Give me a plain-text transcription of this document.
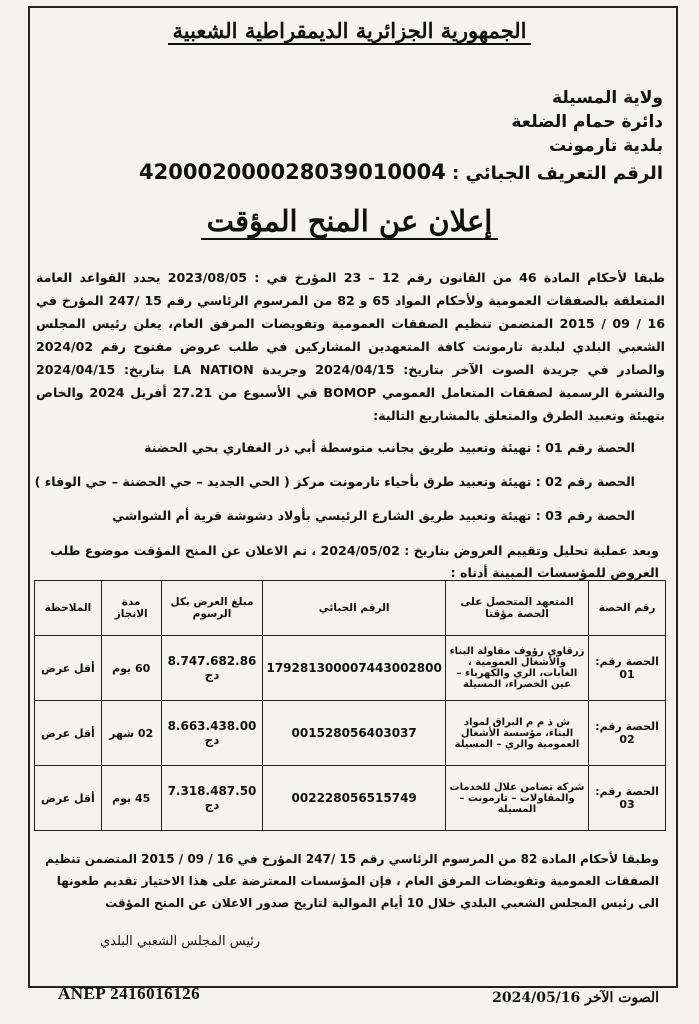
الجمهورية الجزائرية الديمقراطية الشعبية
ولاية المسيلة
دائرة حمام الضلعة
بلدية تارمونت
الرقم التعريف الجبائي : 420002000028039010004
إعلان عن المنح المؤقت
طبقا لأحكام المادة 46 من القانون رقم 12 – 23 المؤرخ في : 2023/08/05 يحدد القواعد العامة المتعلقة بالصفقات العمومية ولأحكام المواد 65 و 82 من المرسوم الرئاسي رقم 15 /247 المؤرخ في 16 / 09 / 2015 المتضمن تنظيم الصفقات العمومية وتفويضات المرفق العام، يعلن رئيس المجلس الشعبي البلدي لبلدية تارمونت كافة المتعهدين المشاركين في طلب عروض مفتوح رقم 2024/02 والصادر في جريدة الصوت الآخر بتاريخ: 2024/04/15 وجريدة LA NATION بتاريخ: 2024/04/15 والنشرة الرسمية لصفقات المتعامل العمومي BOMOP في الأسبوع من 27.21 أفريل 2024 والخاص بتهيئة وتعبيد الطرق والمتعلق بالمشاريع التالية:
الحصة رقم 01 : تهيئة وتعبيد طريق بجانب متوسطة أبي ذر الغفاري بحي الحضنة
الحصة رقم 02 : تهيئة وتعبيد طرق بأحياء تارمونت مركز ( الحي الجديد – حي الحضنة – حي الوفاء )
الحصة رقم 03 : تهيئة وتعبيد طريق الشارع الرئيسي بأولاد دشوشة قرية أم الشواشي
وبعد عملية تحليل وتقييم العروض بتاريخ : 2024/05/02 ، تم الاعلان عن المنح المؤقت موضوع طلب العروض للمؤسسات المبينة أدناه :
رقم الحصة	المتعهد المتحصل على الحصة مؤقتا	الرقم الجبائي	مبلغ العرض بكل الرسوم	مدة الانجاز	الملاحظة
الحصة رقم: 01	زرقاوي رؤوف مقاولة البناء والأشغال العمومية ، الغابات، الري والكهرباء – عين الخضراء، المسيلة	179281300007443002800	8.747.682.86 دج	60 يوم	أقل عرض
الحصة رقم: 02	ش ذ م م البراق لمواد البناء، مؤسسة الأشغال العمومية والري – المسيلة	001528056403037	8.663.438.00 دج	02 شهر	أقل عرض
الحصة رقم: 03	شركة تضامن علال للخدمات والمقاولات – تارمونت – المسيلة	002228056515749	7.318.487.50 دج	45 يوم	أقل عرض
وطبقا لأحكام المادة 82 من المرسوم الرئاسي رقم 15 /247 المؤرخ في 16 / 09 / 2015 المتضمن تنظيم الصفقات العمومية وتفويضات المرفق العام ، فإن المؤسسات المعترضة على هذا الاختيار تقديم طعونها الى رئيس المجلس الشعبي البلدي خلال 10 أيام الموالية لتاريخ صدور الاعلان عن المنح المؤقت
رئيس المجلس الشعبي البلدي
ANEP 2416016126	الصوت الآخر 2024/05/16
